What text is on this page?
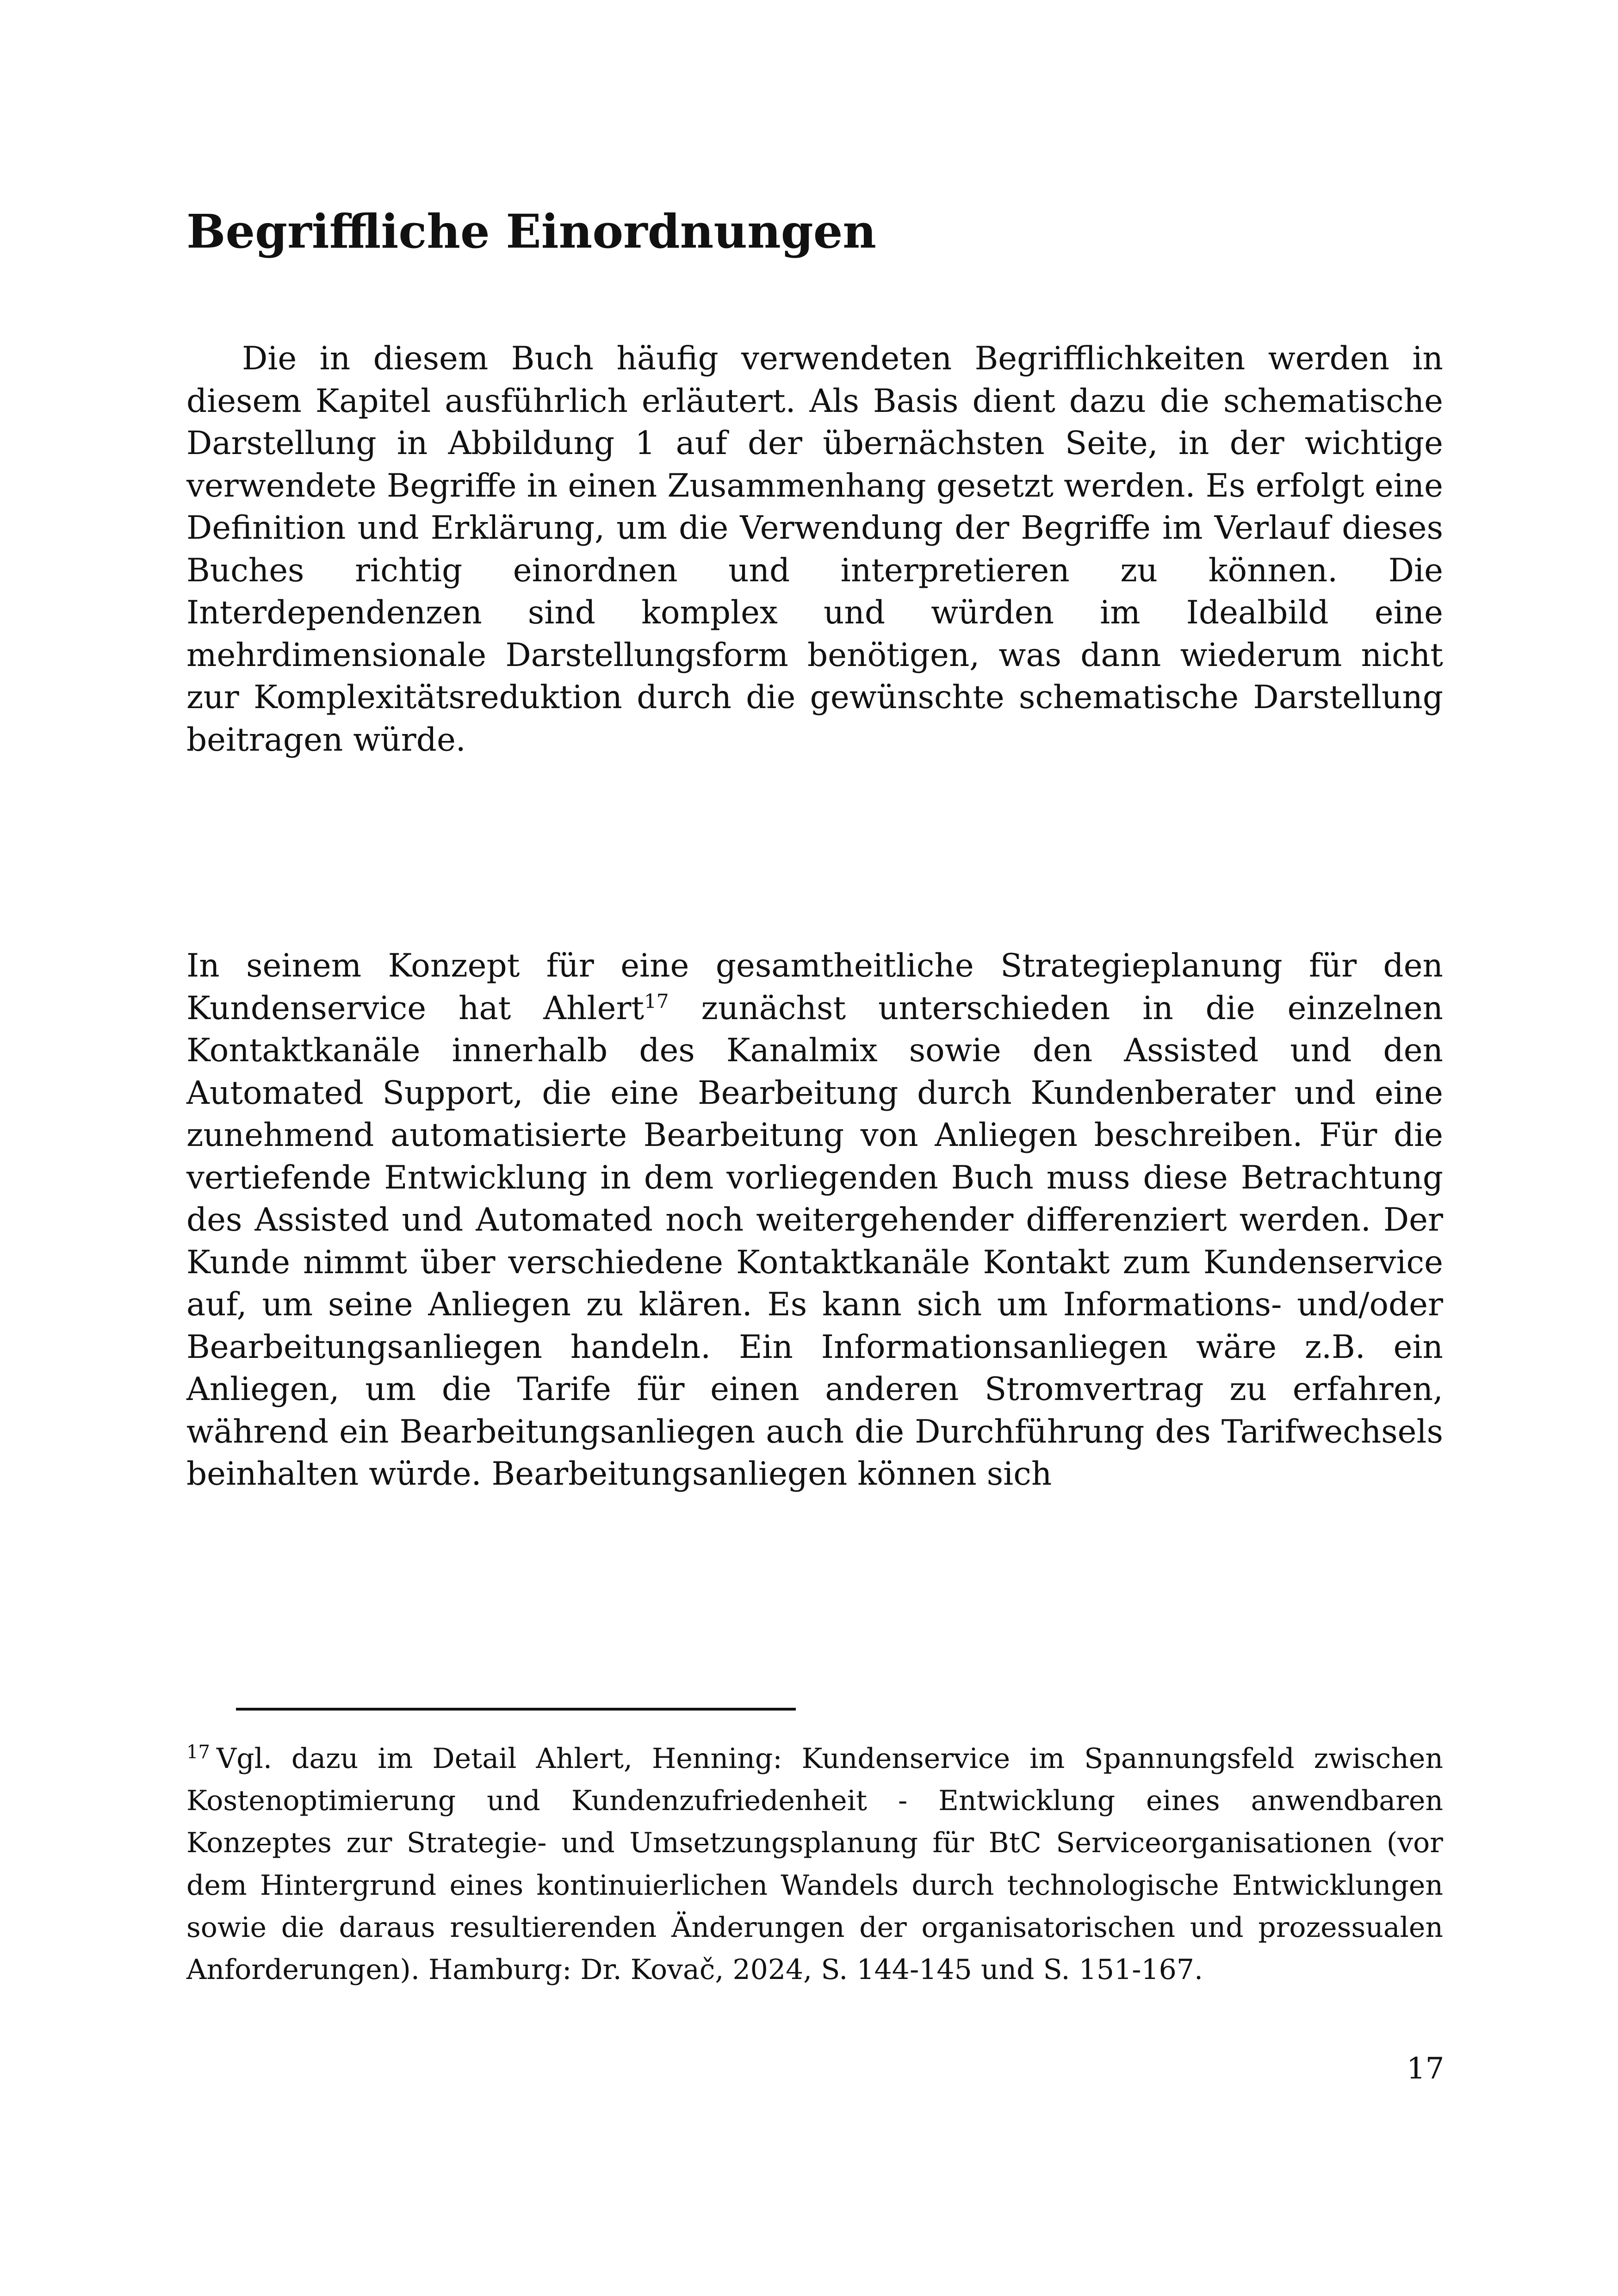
Begriffliche Einordnungen

Die in diesem Buch häufig verwendeten Begrifflichkeiten werden in diesem Kapitel ausführlich erläutert. Als Basis dient dazu die schematische Darstellung in Abbildung 1 auf der übernächsten Seite, in der wichtige verwendete Begriffe in einen Zusammenhang gesetzt werden. Es erfolgt eine Definition und Erklärung, um die Verwendung der Begriffe im Verlauf dieses Buches richtig einordnen und interpretieren zu können. Die Interdependenzen sind komplex und würden im Idealbild eine mehrdimensionale Darstellungsform benötigen, was dann wiederum nicht zur Komplexitätsreduktion durch die gewünschte schematische Darstellung beitragen würde.

In seinem Konzept für eine gesamtheitliche Strategieplanung für den Kundenservice hat Ahlert$^{17}$ zunächst unterschieden in die einzelnen Kontaktkanäle innerhalb des Kanalmix sowie den Assisted und den Automated Support, die eine Bearbeitung durch Kundenberater und eine zunehmend automatisierte Bearbeitung von Anliegen beschreiben. Für die vertiefende Entwicklung in dem vorliegenden Buch muss diese Betrachtung des Assisted und Automated noch weitergehender differenziert werden. Der Kunde nimmt über verschiedene Kontaktkanäle Kontakt zum Kundenservice auf, um seine Anliegen zu klären. Es kann sich um Informations- und/oder Bearbeitungsanliegen handeln. Ein Informationsanliegen wäre z.B. ein Anliegen, um die Tarife für einen anderen Stromvertrag zu erfahren, während ein Bearbeitungsanliegen auch die Durchführung des Tarifwechsels beinhalten würde. Bearbeitungsanliegen können sich

$^{17}$ Vgl. dazu im Detail Ahlert, Henning: Kundenservice im Spannungsfeld zwischen Kostenoptimierung und Kundenzufriedenheit - Entwicklung eines anwendbaren Konzeptes zur Strategie- und Umsetzungsplanung für BtC Serviceorganisationen (vor dem Hintergrund eines kontinuierlichen Wandels durch technologische Entwicklungen sowie die daraus resultierenden Änderungen der organisatorischen und prozessualen Anforderungen). Hamburg: Dr. Kovač, 2024, S. 144-145 und S. 151-167.

17
